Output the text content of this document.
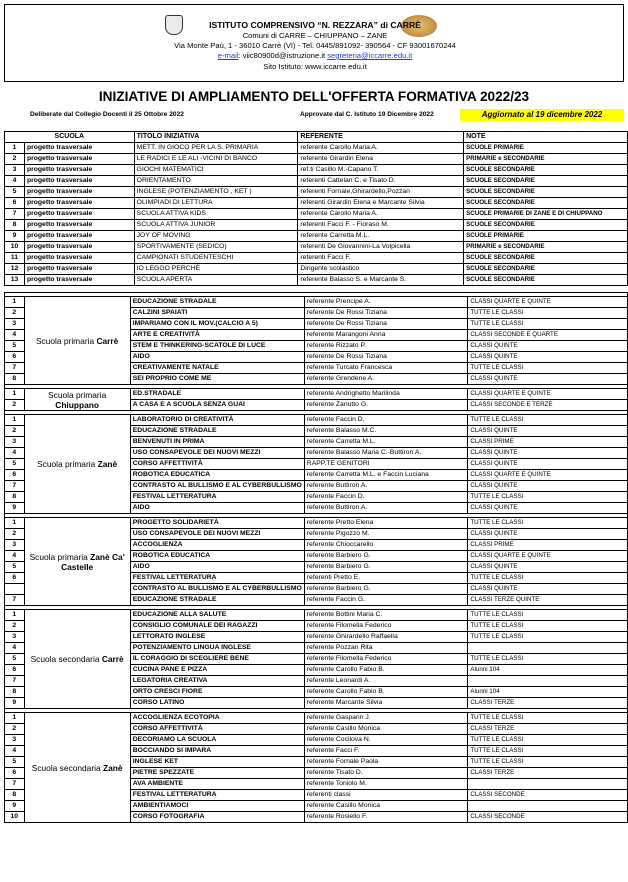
ISTITUTO COMPRENSIVO “N. REZZARA” di CARRÈ
Comuni di CARRE – CHIUPPANO – ZANE
Via Monte Paù, 1 - 36010 Carrè (VI) - Tel. 0445/891092- 390564 - CF 93001670244
e-mail: viic80900d@istruzione.it segreteria@iccarre.edu.it
Sito Istituto: www.iccarre.edu.it
INIZIATIVE DI AMPLIAMENTO DELL'OFFERTA FORMATIVA 2022/23
Deliberate dal Collegio Docenti il 25 Ottobre 2022	Approvate dal C. Istituto 19 Dicembre 2022	Aggiornato al 19 dicembre 2022
SCUOLA		TITOLO INIZIATIVA	REFERENTE	NOTE
1	progetto trasversale	METT. IN GIOCO PER LA S. PRIMARIA	referente Carollo Maria A.	SCUOLE PRIMARIE
2	progetto trasversale	LE RADICI E LE ALI -VICINI DI BANCO	referente Girardin Elena	PRIMARIE e SECONDARIE
3	progetto trasversale	GIOCHI MATEMATICI	ref.ti Casillo M.-Capano T.	SCUOLE SECONDARIE
4	progetto trasversale	ORIENTAMENTO	referenti Cattelan C. e Tisato D.	SCUOLE SECONDARIE
5	progetto trasversale	INGLESE (POTENZIAMENTO , KET )	referenti Fornale,Ghirardello,Pozzan	SCUOLE SECONDARIE
6	progetto trasversale	OLIMPIADI DI LETTURA	referenti Girardin Elena e Marcante Silvia	SCUOLE SECONDARIE
7	progetto trasversale	SCUOLA ATTIVA KIDS	referente Carollo Maria A.	SCUOLE PRIMARIE DI ZANE E DI CHIUPPANO
8	progetto trasversale	SCUOLA ATTIVA JUNIOR	referenti Facci F. - Fioraso M.	SCUOLE SECONDARIE
9	progetto trasversale	JOY OF MOVING	referente Carretta M.L.	SCUOLE PRIMARIE
10	progetto trasversale	SPORTIVAMENTE (SEDICO)	referenti De Giovannini-La Volpicella	PRIMARIE e SECONDARIE
11	progetto trasversale	CAMPIONATI STUDENTESCHI	referenti Facci F.	SCUOLE SECONDARIE
12	progetto trasversale	IO LEGGO PERCHÈ	Dirigente scolastico	SCUOLE SECONDARIE
13	progetto trasversale	SCUOLA APERTA	referente Balasso S. e Marcante S.	SCUOLE SECONDARIE

1	Scuola primaria Carrè	EDUCAZIONE STRADALE	referente Prencipe A.	CLASSI QUARTE E QUINTE
2		CALZINI SPAIATI	referente De Rossi Tiziana	TUTTE LE CLASSI
3		IMPARIAMO CON IL MOV.(CALCIO A 5)	referente De Rossi Tiziana	TUTTE LE CLASSI
4		ARTE E CREATIVITÀ	referente Marangoni Anna	CLASSI SECONDE E QUARTE
5		STEM E THINKERING-SCATOLE DI LUCE	referente Rizzato P.	CLASSI QUINTE
6		AIDO	referente De Rossi Tiziana	CLASSI QUINTE
7		CREATIVAMENTE NATALE	referente Turcato Francesca	TUTTE LE CLASSI
8		SEI PROPRIO COME ME	referente Grendene A.	CLASSI QUINTE

1	Scuola primaria Chiuppano	ED.STRADALE	referente Andrighetto Marilinda	CLASSI QUARTE E QUINTE
2		A CASA E A SCUOLA SENZA GUAI	referente Zanutto G.	CLASSI SECONDE E TERZE

1	Scuola primaria Zanè	LABORATORIO DI CREATIVITÀ	referente Faccin D.	TUTTE LE CLASSI
2		EDUCAZIONE STRADALE	referente Balasso M.C.	CLASSI QUINTE
3		BENVENUTI IN PRIMA	referente Carretta M.L.	CLASSI PRIME
4		USO CONSAPEVOLE DEI NUOVI MEZZI	referente Balasso Maria C.-Buttiron A.	CLASSI QUINTE
5		CORSO AFFETTIVITÀ	RAPP.TE GENITORI	CLASSI QUINTE
6		ROBOTICA EDUCATICA	referente Carretta M.L. e Faccin Luciana	CLASSI QUARTE E QUINTE
7		CONTRASTO AL BULLISMO E AL CYBERBULLISMO	referente Buttiron A.	CLASSI QUINTE
8		FESTIVAL LETTERATURA	referente Faccin D.	TUTTE LE CLASSI
9		AIDO	referente Buttiron A.	CLASSI QUINTE

1	Scuola primaria Zanè Ca' Castelle	PROGETTO SOLIDARIETÀ	referente Pretto Elena	TUTTE LE CLASSI
2		USO CONSAPEVOLE DEI NUOVI MEZZI	referente Pigozzo M.	CLASSI QUINTE
3		ACCOGLIENZA	referente Chioccarello	CLASSI PRIME
4		ROBOTICA EDUCATICA	referente Barbiero G.	CLASSI QUARTE E QUINTE
5		AIDO	referente Barbiero G.	CLASSI QUINTE
6		FESTIVAL LETTERATURA	referenti Pretto E.	TUTTE LE CLASSI
		CONTRASTO AL BULLISMO E AL CYBERBULLISMO	referente Barbiero G.	CLASSI QUINTE
7		EDUCAZIONE STRADALE	referente Faccin G.	CLASSI TERZE QUINTE

1	Scuola secondaria Carrè	EDUCAZIONE ALLA SALUTE	referente Bottini Maria C.	TUTTE LE CLASSI
2		CONSIGLIO COMUNALE DEI RAGAZZI	referente Filomella Federico	TUTTE LE CLASSI
3		LETTORATO INGLESE	referente Ghirardello Raffaella	TUTTE LE CLASSI
4		POTENZIAMENTO LINGUA INGLESE	referente Pozzan Rita	
5		IL CORAGGIO DI SCEGLIERE BENE	referente Filomella Federico	TUTTE LE CLASSI
6		CUCINA PANE E PIZZA	referente Carollo Fabio B.	Alunni 104
7		LEGATORIA CREATIVA	referente Leonardi A.	
8		ORTO CRESCI FIORE	referente Carollo Fabio B.	Alunni 104
9		CORSO LATINO	referente Marcante Silvia	CLASSI TERZE

1	Scuola secondaria Zanè	ACCOGLIENZA ECOTOPIA	referente Gasparin J.	TUTTE LE CLASSI
2		CORSO AFFETTIVITÀ	referente Casillo Monica	CLASSI TERZE
3		DECORIAMO LA SCUOLA	referente Cocilova N.	TUTTE LE CLASSI
4		BOCCIANDO SI IMPARA	referente Facci F.	TUTTE LE CLASSI
5		INGLESE KET	referente Fornale Paola	TUTTE LE CLASSI
6		PIETRE SPEZZATE	referente Tisato D.	CLASSI TERZE
7		AVA AMBIENTE	referente Toniolo M.	
8		FESTIVAL LETTERATURA	referenti classi	CLASSI SECONDE
9		AMBIENTIAMOCI	referente Casillo Monica	
10		CORSO FOTOGRAFIA	referente Rosiello F.	CLASSI SECONDE
